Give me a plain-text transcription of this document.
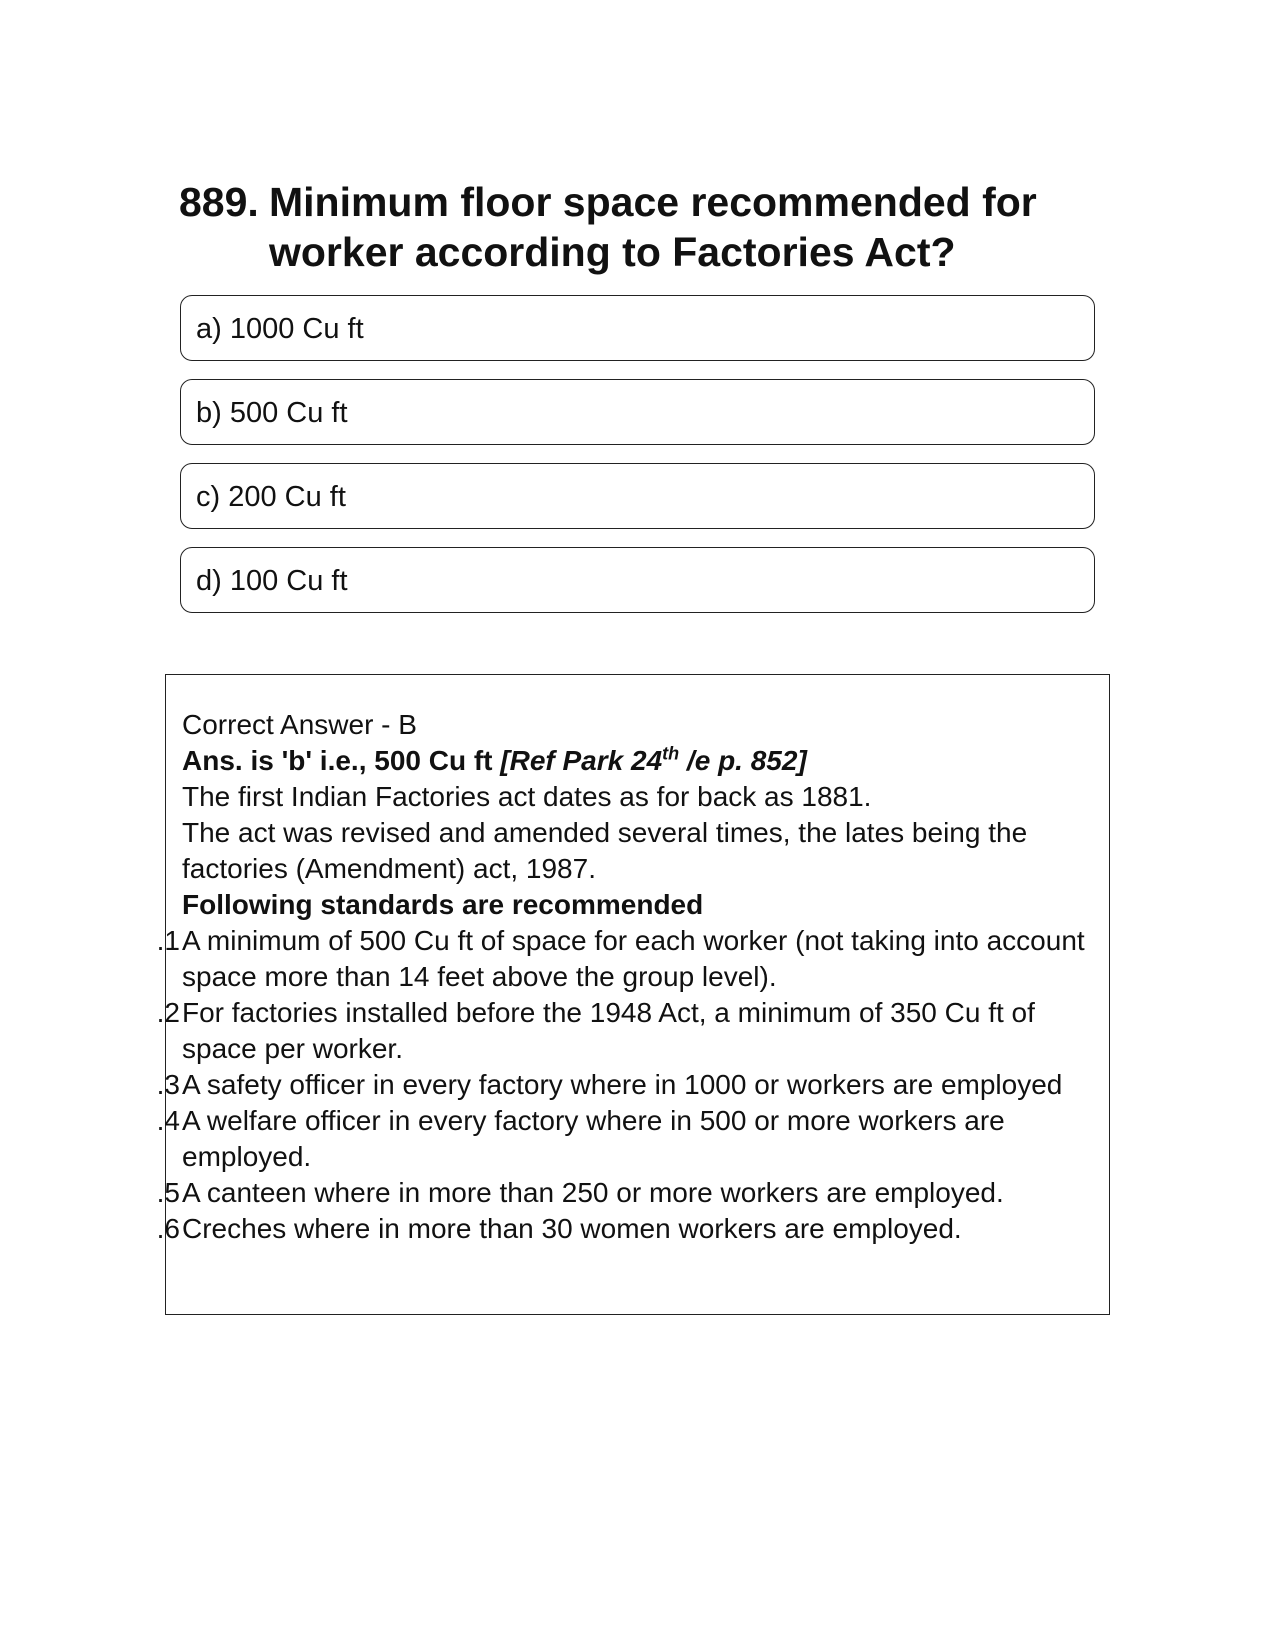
889. Minimum floor space recommended for worker according to Factories Act?
a) 1000 Cu ft
b) 500 Cu ft
c) 200 Cu ft
d) 100 Cu ft

Correct Answer - B

Ans. is 'b' i.e., 500 Cu ft [Ref Park 24th /e p. 852]

The first Indian Factories act dates as for back as 1881.

The act was revised and amended several times, the lates being the factories (Amendment) act, 1987.

Following standards are recommended

1. A minimum of 500 Cu ft of space for each worker (not taking into account space more than 14 feet above the group level).
2. For factories installed before the 1948 Act, a minimum of 350 Cu ft of space per worker.
3. A safety officer in every factory where in 1000 or workers are employed
4. A welfare officer in every factory where in 500 or more workers are employed.
5. A canteen where in more than 250 or more workers are employed.
6. Creches where in more than 30 women workers are employed.
